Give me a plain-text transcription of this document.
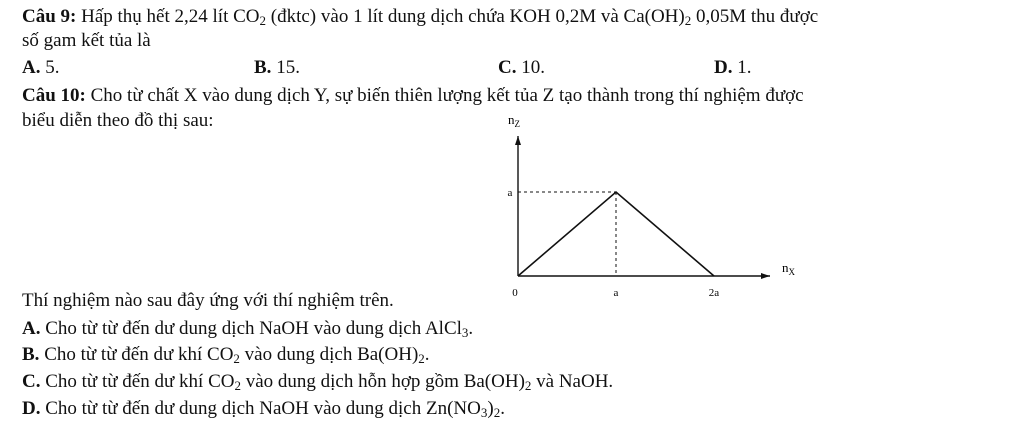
Câu 9: Hấp thụ hết 2,24 lít $CO_2$ (đktc) vào 1 lít dung dịch chứa KOH 0,2M và $Ca(OH)_2$ 0,05M thu được
số gam kết tủa là
A. 5.	B. 15.	C. 10.	D. 1.
Câu 10: Cho từ chất X vào dung dịch Y, sự biến thiên lượng kết tủa Z tạo thành trong thí nghiệm được
biểu diễn theo đồ thị sau:	$n_Z$
$n_X$
0	a	2a
a
Thí nghiệm nào sau đây ứng với thí nghiệm trên.
A. Cho từ từ đến dư dung dịch NaOH vào dung dịch AlCl$_3$.
B. Cho từ từ đến dư khí $CO_2$ vào dung dịch $Ba(OH)_2$.
C. Cho từ từ đến dư khí $CO_2$ vào dung dịch hỗn hợp gồm $Ba(OH)_2$ và NaOH.
D. Cho từ từ đến dư dung dịch NaOH vào dung dịch $Zn(NO_3)_2$.
